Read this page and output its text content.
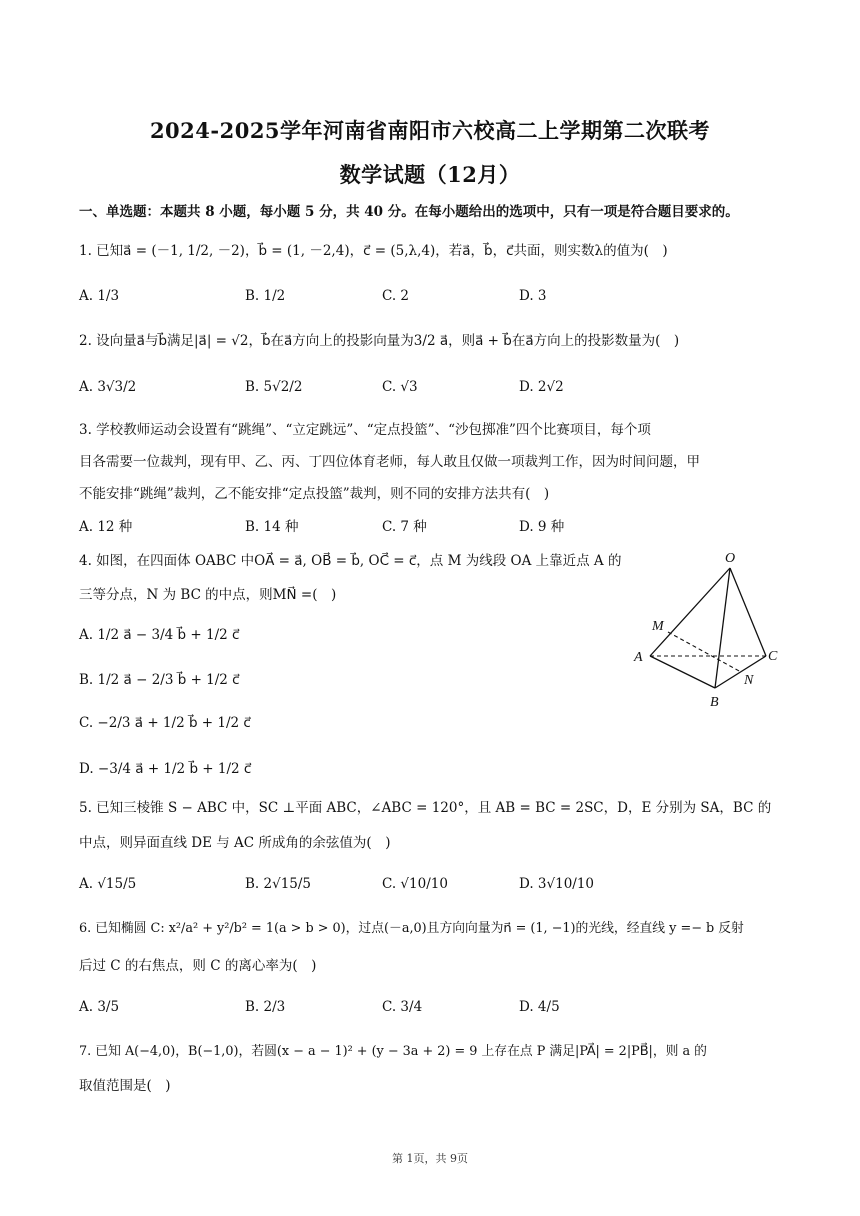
2024-2025学年河南省南阳市六校高二上学期第二次联考
数学试题（12月）
一、单选题：本题共 8 小题，每小题 5 分，共 40 分。在每小题给出的选项中，只有一项是符合题目要求的。
1. 已知a⃗ = (－1, 1/2, －2)，b⃗ = (1, －2,4)，c⃗ = (5,λ,4)，若a⃗，b⃗，c⃗共面，则实数λ的值为(　)
A. 1/3	B. 1/2	C. 2	D. 3
2. 设向量a⃗与b⃗满足|a⃗| = √2，b⃗在a⃗方向上的投影向量为3/2 a⃗，则a⃗ + b⃗在a⃗方向上的投影数量为(　)
A. 3√3/2	B. 5√2/2	C. √3	D. 2√2
3. 学校教师运动会设置有“跳绳”、“立定跳远”、“定点投篮”、“沙包掷准”四个比赛项目，每个项
目各需要一位裁判，现有甲、乙、丙、丁四位体育老师，每人敢且仅做一项裁判工作，因为时间问题，甲
不能安排“跳绳”裁判，乙不能安排“定点投篮”裁判，则不同的安排方法共有(　)
A. 12 种	B. 14 种	C. 7 种	D. 9 种
4. 如图，在四面体 OABC 中OA⃗ = a⃗, OB⃗ = b⃗, OC⃗ = c⃗，点 M 为线段 OA 上靠近点 A 的
三等分点，N 为 BC 的中点，则MN⃗ =(　)
A. 1/2 a⃗ − 3/4 b⃗ + 1/2 c⃗
B. 1/2 a⃗ − 2/3 b⃗ + 1/2 c⃗
C. −2/3 a⃗ + 1/2 b⃗ + 1/2 c⃗
D. −3/4 a⃗ + 1/2 b⃗ + 1/2 c⃗
O
M
A	C
N
B
5. 已知三棱锥 S − ABC 中，SC ⊥平面 ABC，∠ABC = 120°，且 AB = BC = 2SC，D，E 分别为 SA，BC 的
中点，则异面直线 DE 与 AC 所成角的余弦值为(　)
A. √15/5	B. 2√15/5	C. √10/10	D. 3√10/10
6. 已知椭圆 C: x²/a² + y²/b² = 1(a > b > 0)，过点(－a,0)且方向向量为n⃗ = (1, −1)的光线，经直线 y =− b 反射
后过 C 的右焦点，则 C 的离心率为(　)
A. 3/5	B. 2/3	C. 3/4	D. 4/5
7. 已知 A(−4,0)，B(−1,0)，若圆(x − a − 1)² + (y − 3a + 2) = 9 上存在点 P 满足|PA⃗| = 2|PB⃗|，则 a 的
取值范围是(　)
第 1页，共 9页
